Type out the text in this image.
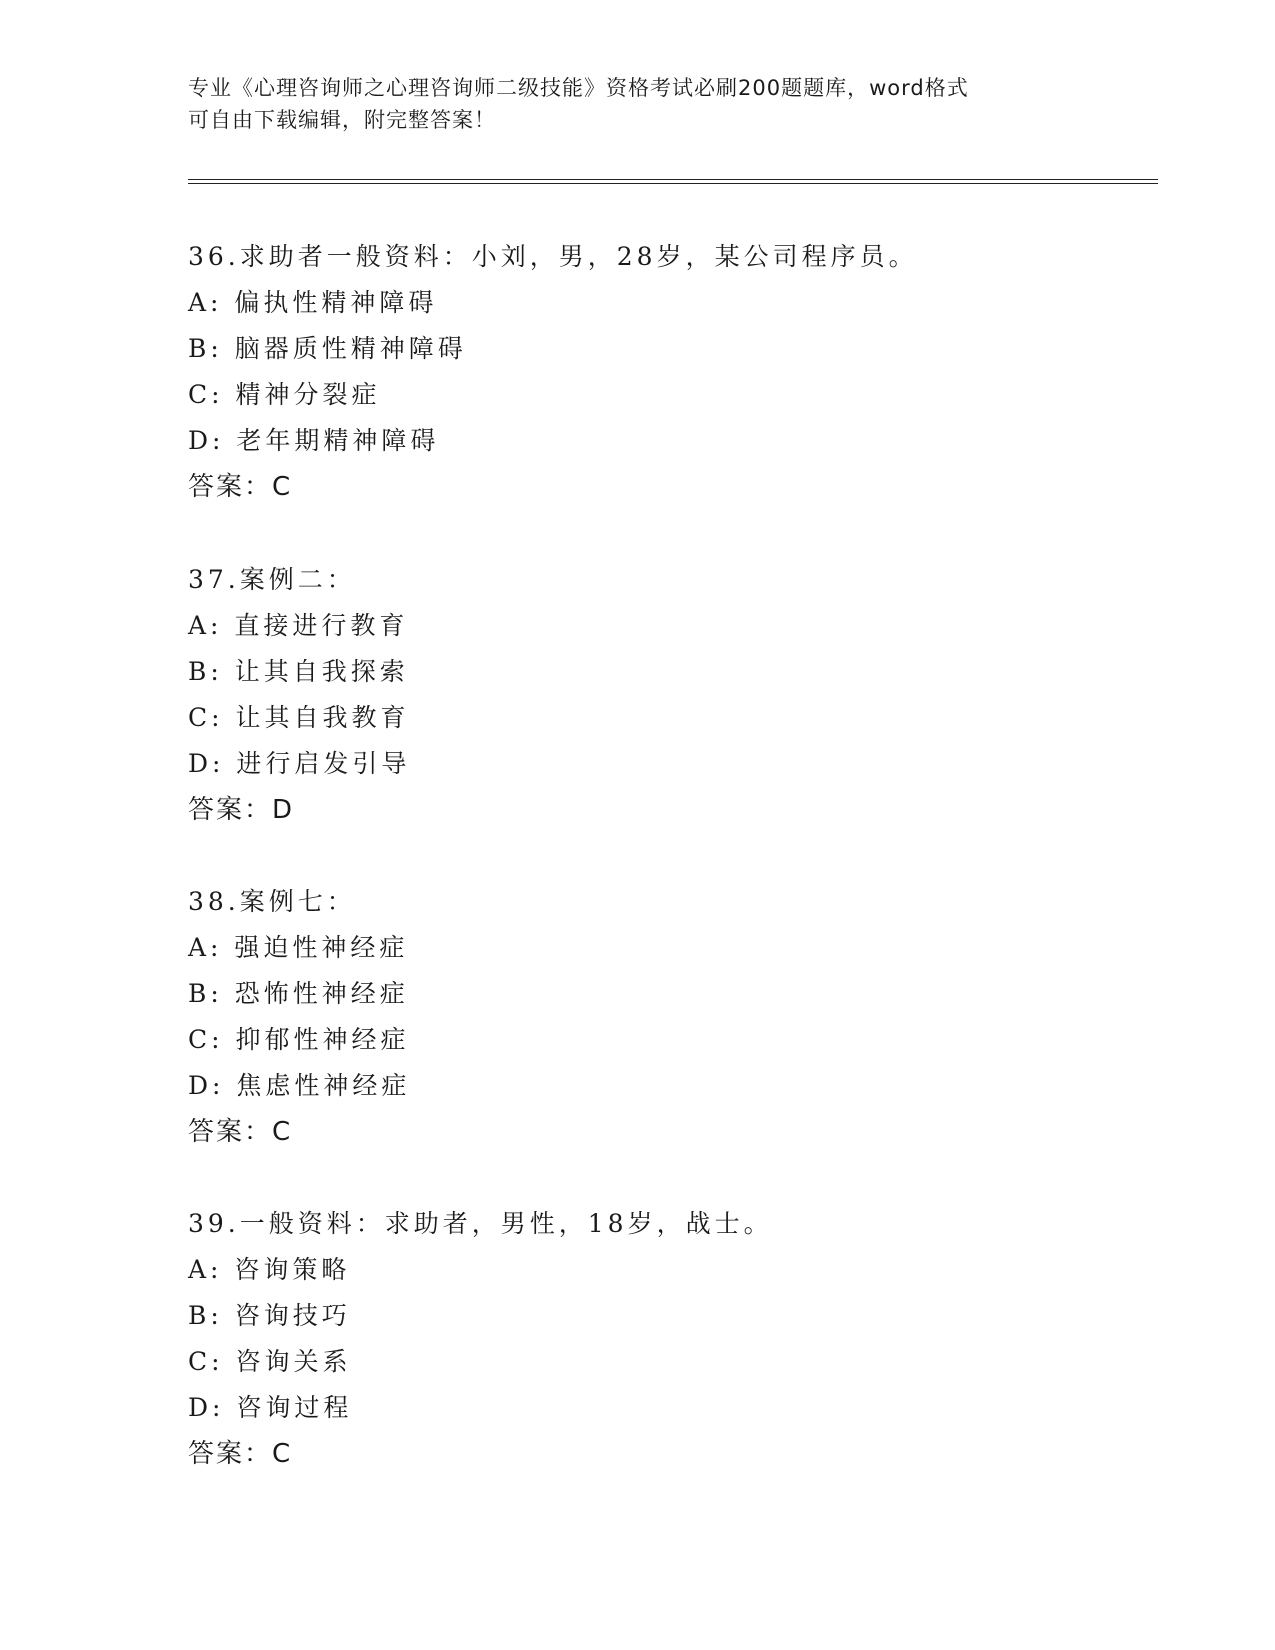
专业《心理咨询师之心理咨询师二级技能》资格考试必刷200题题库，word格式
可自由下载编辑，附完整答案！
36.求助者一般资料：小刘，男，28岁，某公司程序员。
A: 偏执性精神障碍
B: 脑器质性精神障碍
C: 精神分裂症
D: 老年期精神障碍
答案：C
37.案例二：
A: 直接进行教育
B: 让其自我探索
C: 让其自我教育
D: 进行启发引导
答案：D
38.案例七：
A: 强迫性神经症
B: 恐怖性神经症
C: 抑郁性神经症
D: 焦虑性神经症
答案：C
39.一般资料：求助者，男性，18岁，战士。
A: 咨询策略
B: 咨询技巧
C: 咨询关系
D: 咨询过程
答案：C
